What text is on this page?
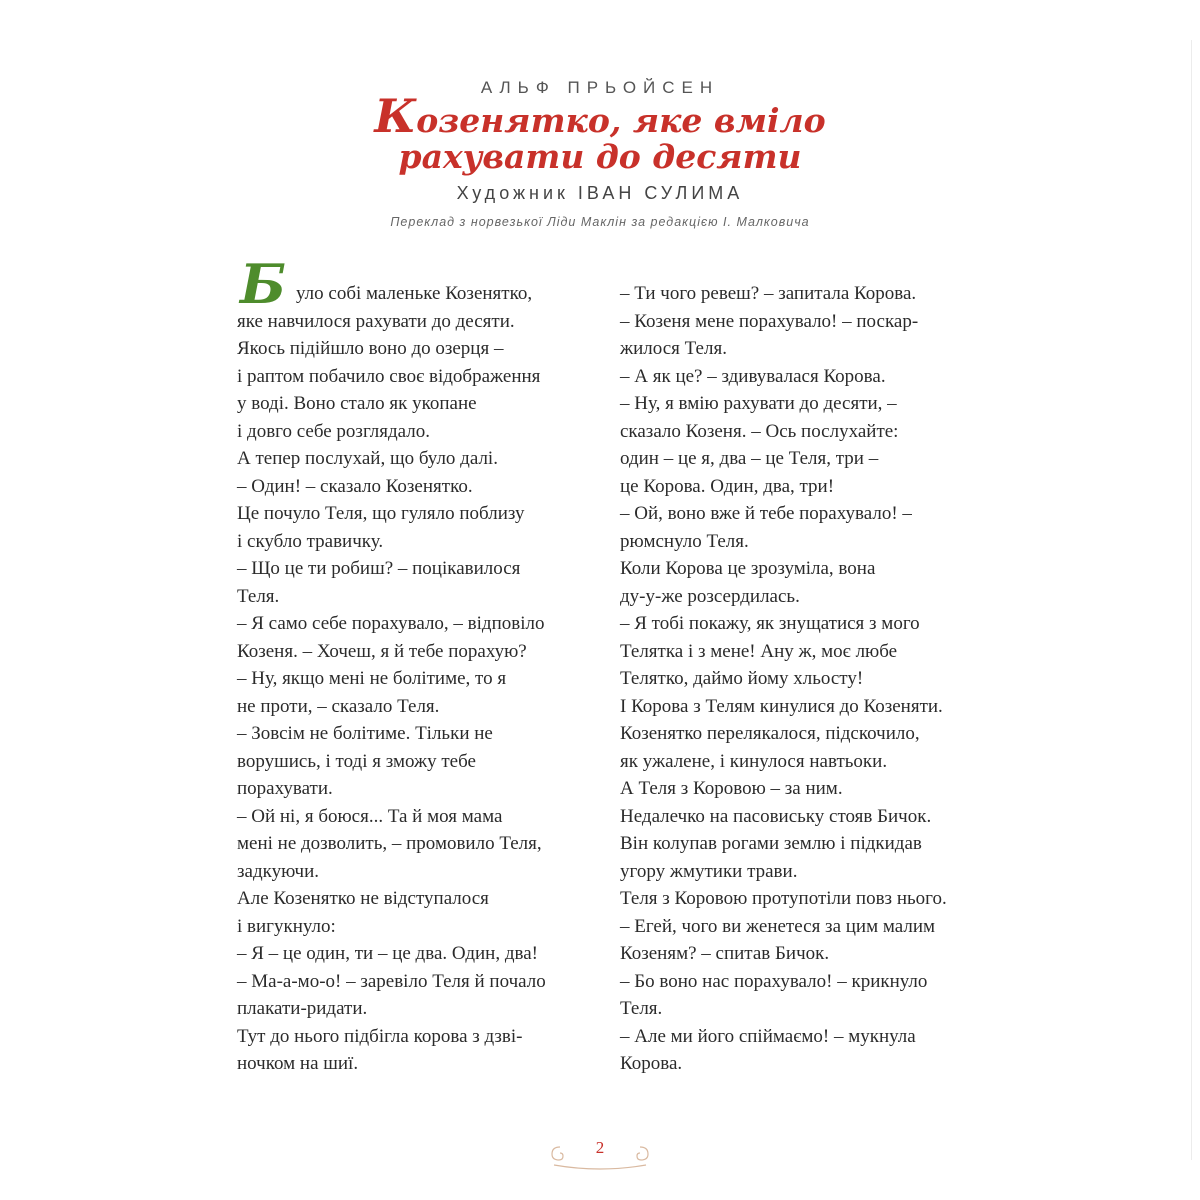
АЛЬФ ПРЬОЙСЕН
Козенятко, яке вміло
рахувати до десяти
Художник ІВАН СУЛИМА
Переклад з норвезької Ліди Маклін за редакцією І. Малковича
Б уло собі маленьке Козенятко,
яке навчилося рахувати до десяти.
Якось підійшло воно до озерця –
і раптом побачило своє відображення
у воді. Воно стало як укопане
і довго себе розглядало.
А тепер послухай, що було далі.
– Один! – сказало Козенятко.
Це почуло Теля, що гуляло поблизу
і скубло травичку.
– Що це ти робиш? – поцікавилося
Теля.
– Я само себе порахувало, – відповіло
Козеня. – Хочеш, я й тебе порахую?
– Ну, якщо мені не болітиме, то я
не проти, – сказало Теля.
– Зовсім не болітиме. Тільки не
ворушись, і тоді я зможу тебе
порахувати.
– Ой ні, я боюся... Та й моя мама
мені не дозволить, – промовило Теля,
задкуючи.
Але Козенятко не відступалося
і вигукнуло:
– Я – це один, ти – це два. Один, два!
– Ма-а-мо-о! – заревіло Теля й почало
плакати-ридати.
Тут до нього підбігла корова з дзві-
ночком на шиї.
– Ти чого ревеш? – запитала Корова.
– Козеня мене порахувало! – поскар-
жилося Теля.
– А як це? – здивувалася Корова.
– Ну, я вмію рахувати до десяти, –
сказало Козеня. – Ось послухайте:
один – це я, два – це Теля, три –
це Корова. Один, два, три!
– Ой, воно вже й тебе порахувало! –
рюмснуло Теля.
Коли Корова це зрозуміла, вона
ду-у-же розсердилась.
– Я тобі покажу, як знущатися з мого
Телятка і з мене! Ану ж, моє любе
Телятко, даймо йому хльосту!
І Корова з Телям кинулися до Козеняти.
Козенятко перелякалося, підскочило,
як ужалене, і кинулося навтьоки.
А Теля з Коровою – за ним.
Недалечко на пасовиську стояв Бичок.
Він колупав рогами землю і підкидав
угору жмутики трави.
Теля з Коровою протупотіли повз нього.
– Егей, чого ви женетеся за цим малим
Козеням? – спитав Бичок.
– Бо воно нас порахувало! – крикнуло
Теля.
– Але ми його спіймаємо! – мукнула
Корова.
2
